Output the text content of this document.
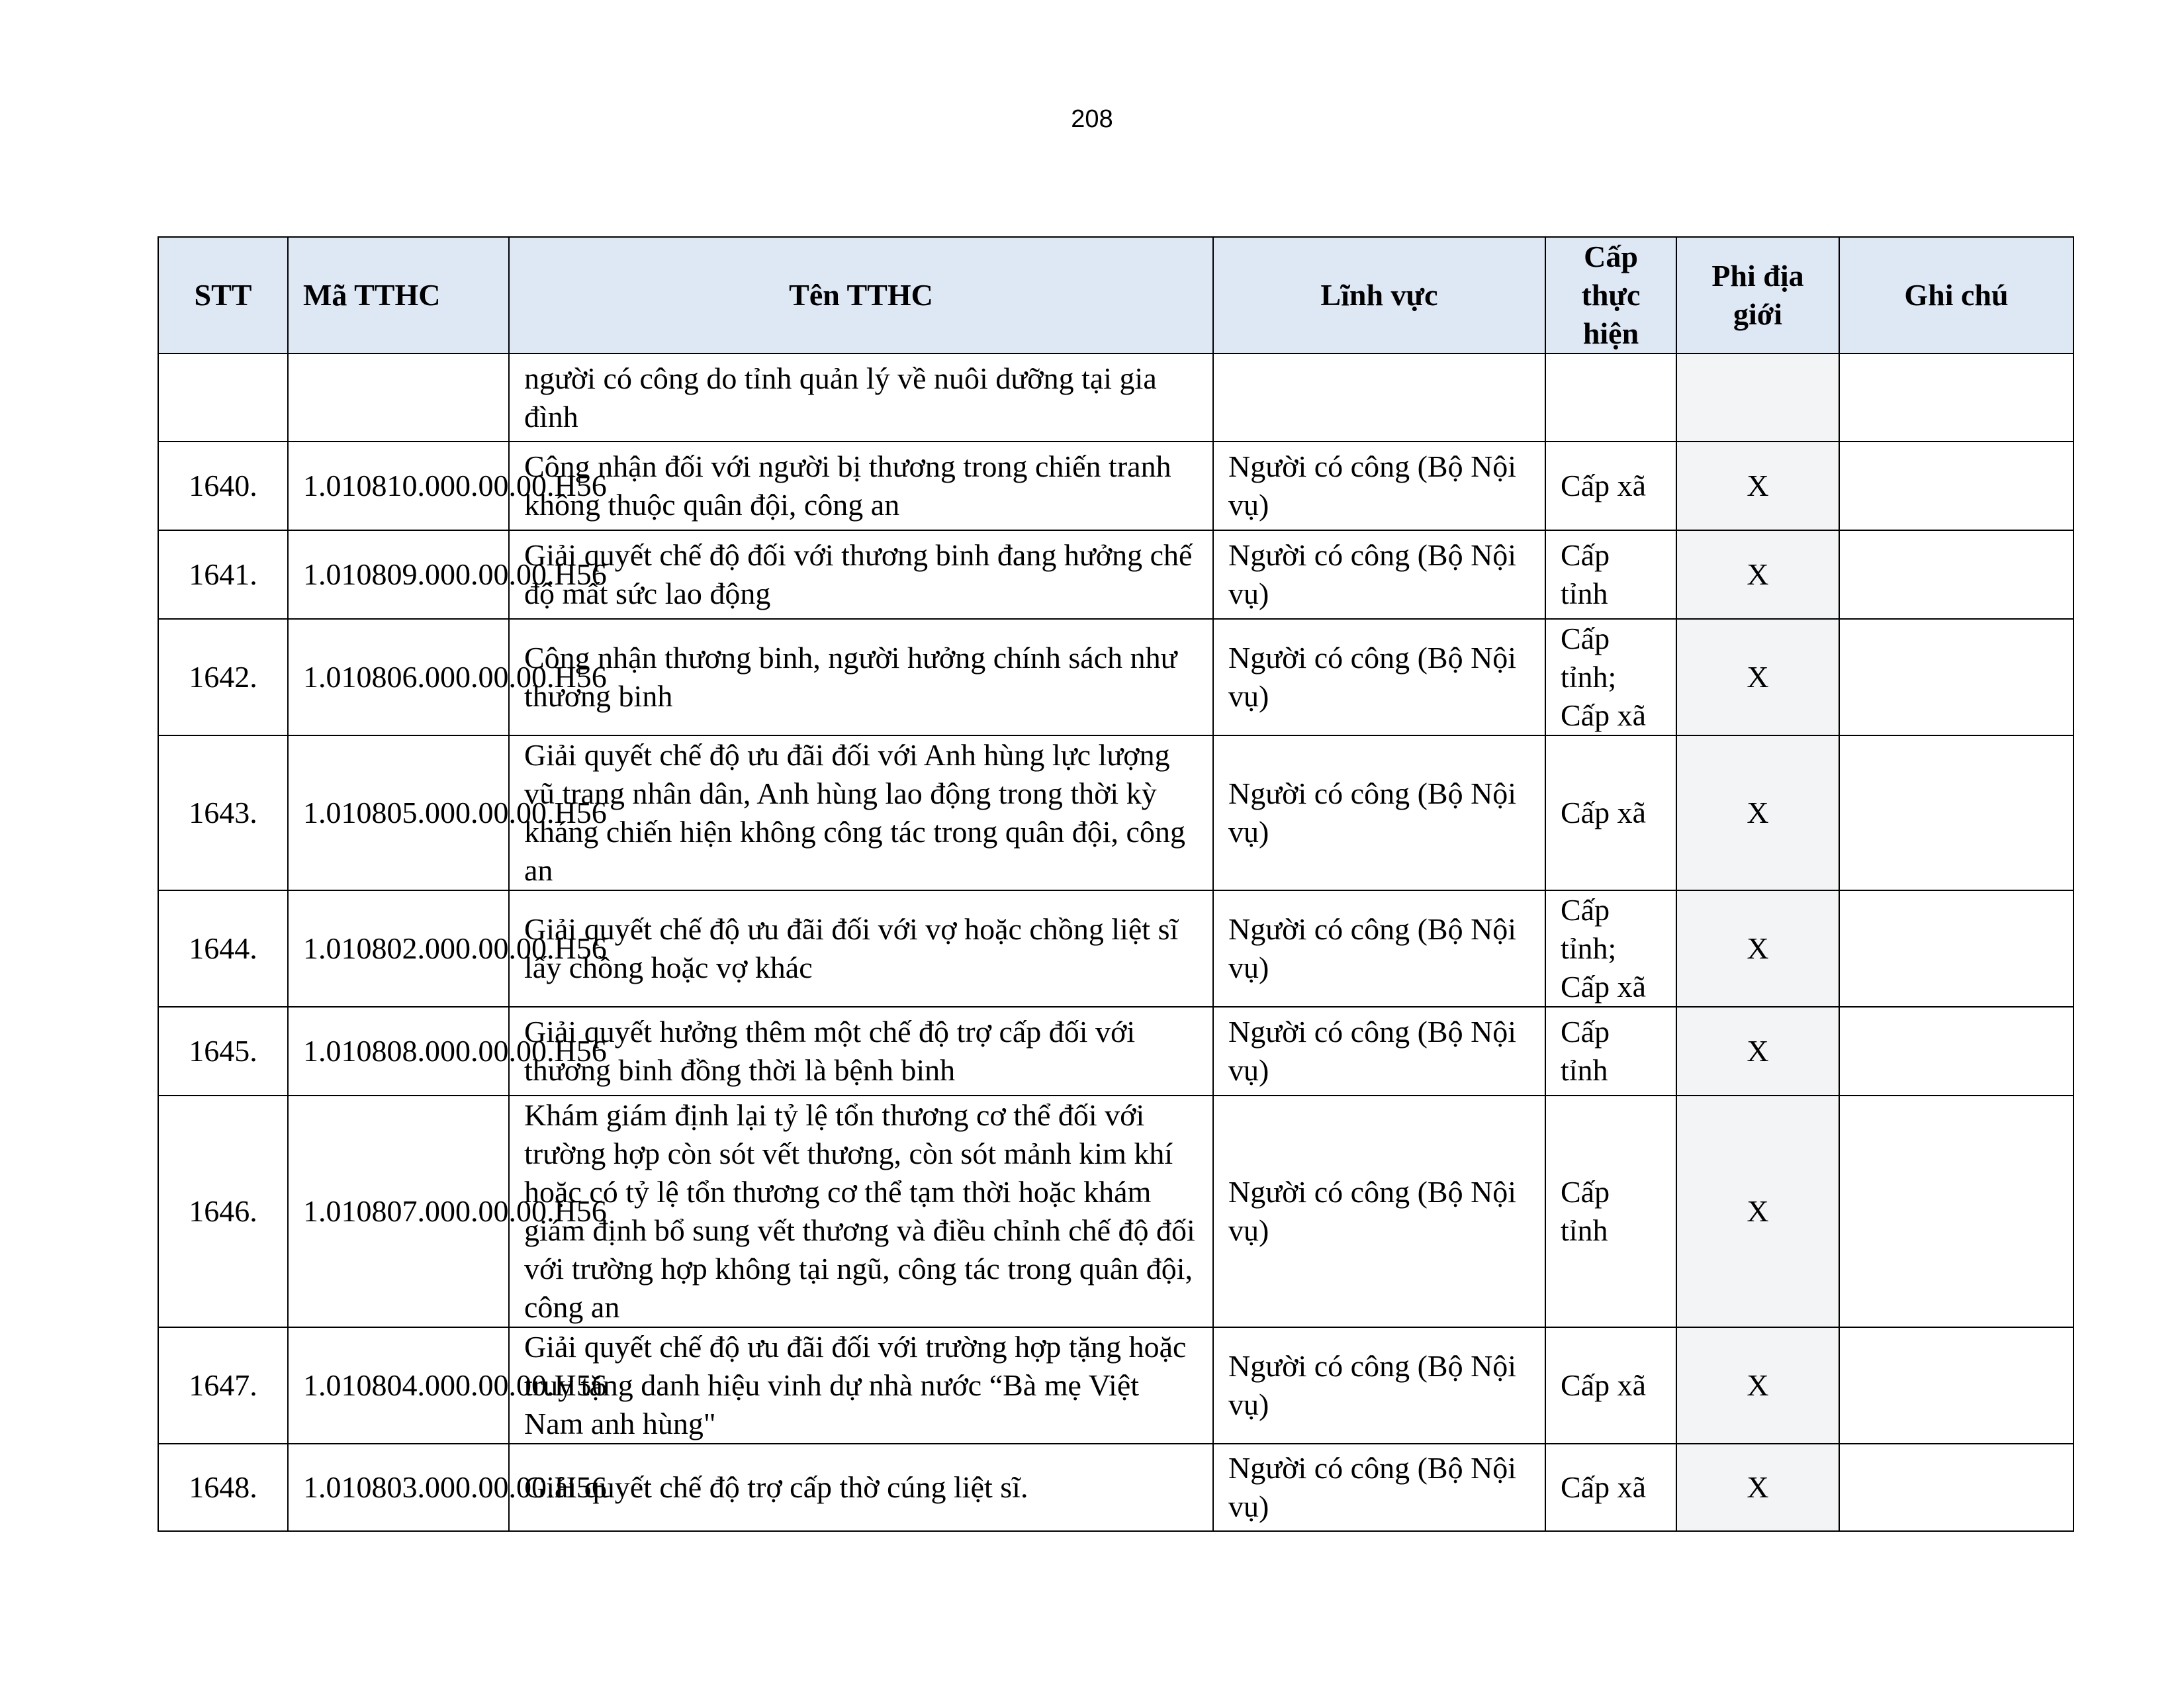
208
STT	Mã TTHC	Tên TTHC	Lĩnh vực	Cấp thực hiện	Phi địa giới	Ghi chú
		người có công do tỉnh quản lý về nuôi dưỡng tại gia đình				
1640.	1.010810.000.00.00.H56	Công nhận đối với người bị thương trong chiến tranh không thuộc quân đội, công an	Người có công (Bộ Nội vụ)	Cấp xã	X	
1641.	1.010809.000.00.00.H56	Giải quyết chế độ đối với thương binh đang hưởng chế độ mất sức lao động	Người có công (Bộ Nội vụ)	Cấp tỉnh	X	
1642.	1.010806.000.00.00.H56	Công nhận thương binh, người hưởng chính sách như thương binh	Người có công (Bộ Nội vụ)	Cấp tỉnh; Cấp xã	X	
1643.	1.010805.000.00.00.H56	Giải quyết chế độ ưu đãi đối với Anh hùng lực lượng vũ trang nhân dân, Anh hùng lao động trong thời kỳ kháng chiến hiện không công tác trong quân đội, công an	Người có công (Bộ Nội vụ)	Cấp xã	X	
1644.	1.010802.000.00.00.H56	Giải quyết chế độ ưu đãi đối với vợ hoặc chồng liệt sĩ lấy chồng hoặc vợ khác	Người có công (Bộ Nội vụ)	Cấp tỉnh; Cấp xã	X	
1645.	1.010808.000.00.00.H56	Giải quyết hưởng thêm một chế độ trợ cấp đối với thương binh đồng thời là bệnh binh	Người có công (Bộ Nội vụ)	Cấp tỉnh	X	
1646.	1.010807.000.00.00.H56	Khám giám định lại tỷ lệ tổn thương cơ thể đối với trường hợp còn sót vết thương, còn sót mảnh kim khí hoặc có tỷ lệ tổn thương cơ thể tạm thời hoặc khám giám định bổ sung vết thương và điều chỉnh chế độ đối với trường hợp không tại ngũ, công tác trong quân đội, công an	Người có công (Bộ Nội vụ)	Cấp tỉnh	X	
1647.	1.010804.000.00.00.H56	Giải quyết chế độ ưu đãi đối với trường hợp tặng hoặc truy tặng danh hiệu vinh dự nhà nước “Bà mẹ Việt Nam anh hùng"	Người có công (Bộ Nội vụ)	Cấp xã	X	
1648.	1.010803.000.00.00.H56	Giải quyết chế độ trợ cấp thờ cúng liệt sĩ.	Người có công (Bộ Nội vụ)	Cấp xã	X	
